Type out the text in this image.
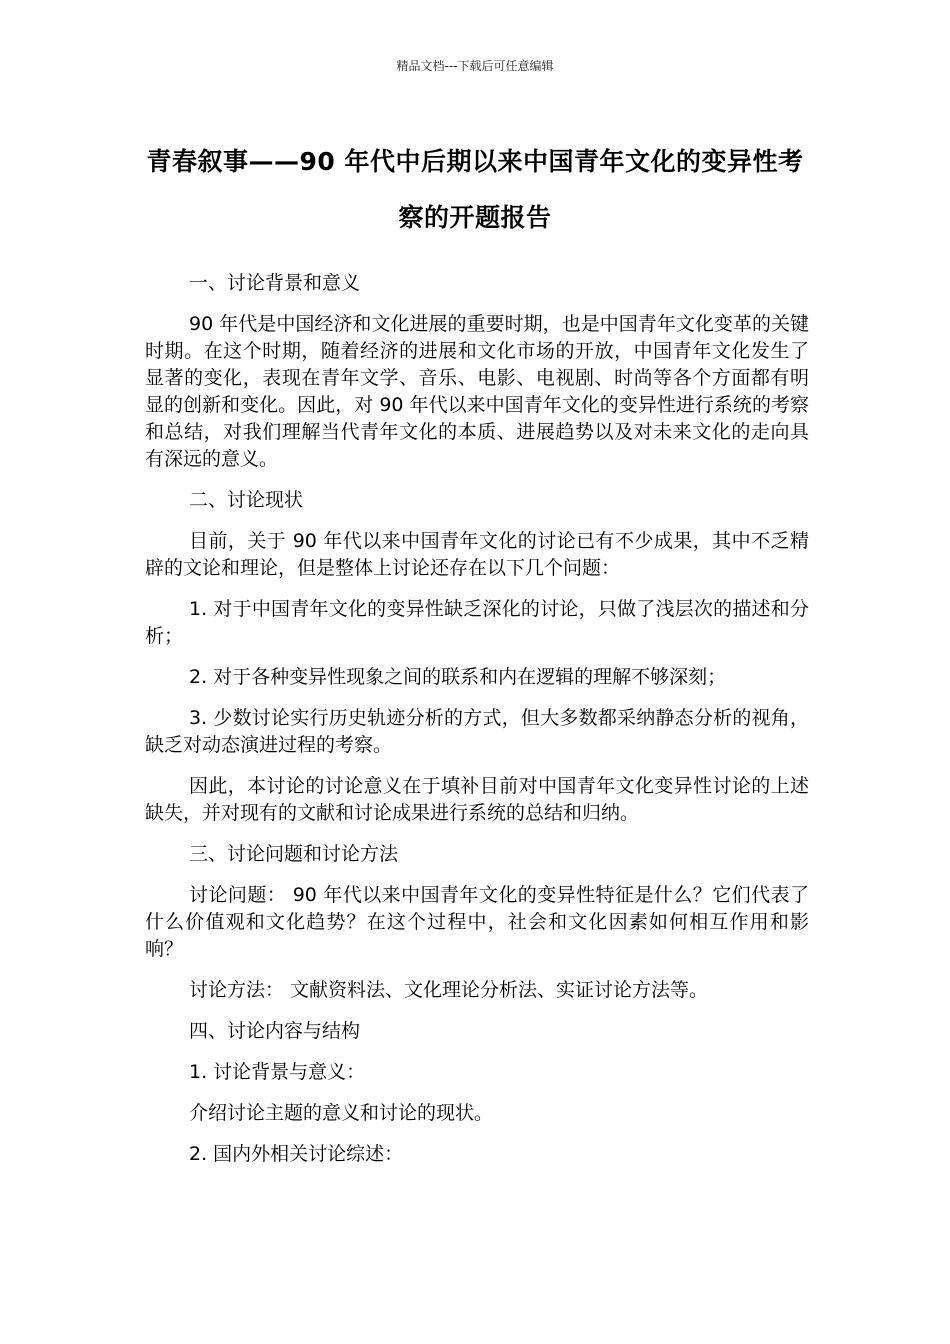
精品文档---下载后可任意编辑
青春叙事——90 年代中后期以来中国青年文化的变异性考察的开题报告

一、讨论背景和意义

90 年代是中国经济和文化进展的重要时期，也是中国青年文化变革的关键时期。在这个时期，随着经济的进展和文化市场的开放，中国青年文化发生了显著的变化，表现在青年文学、音乐、电影、电视剧、时尚等各个方面都有明显的创新和变化。因此，对 90 年代以来中国青年文化的变异性进行系统的考察和总结，对我们理解当代青年文化的本质、进展趋势以及对未来文化的走向具有深远的意义。

二、讨论现状

目前，关于 90 年代以来中国青年文化的讨论已有不少成果，其中不乏精辟的文论和理论，但是整体上讨论还存在以下几个问题：

1. 对于中国青年文化的变异性缺乏深化的讨论，只做了浅层次的描述和分析；

2. 对于各种变异性现象之间的联系和内在逻辑的理解不够深刻；

3. 少数讨论实行历史轨迹分析的方式，但大多数都采纳静态分析的视角，缺乏对动态演进过程的考察。

因此，本讨论的讨论意义在于填补目前对中国青年文化变异性讨论的上述缺失，并对现有的文献和讨论成果进行系统的总结和归纳。

三、讨论问题和讨论方法

讨论问题： 90 年代以来中国青年文化的变异性特征是什么？它们代表了什么价值观和文化趋势？在这个过程中，社会和文化因素如何相互作用和影响？

讨论方法： 文献资料法、文化理论分析法、实证讨论方法等。

四、讨论内容与结构

1. 讨论背景与意义：

介绍讨论主题的意义和讨论的现状。

2. 国内外相关讨论综述：
